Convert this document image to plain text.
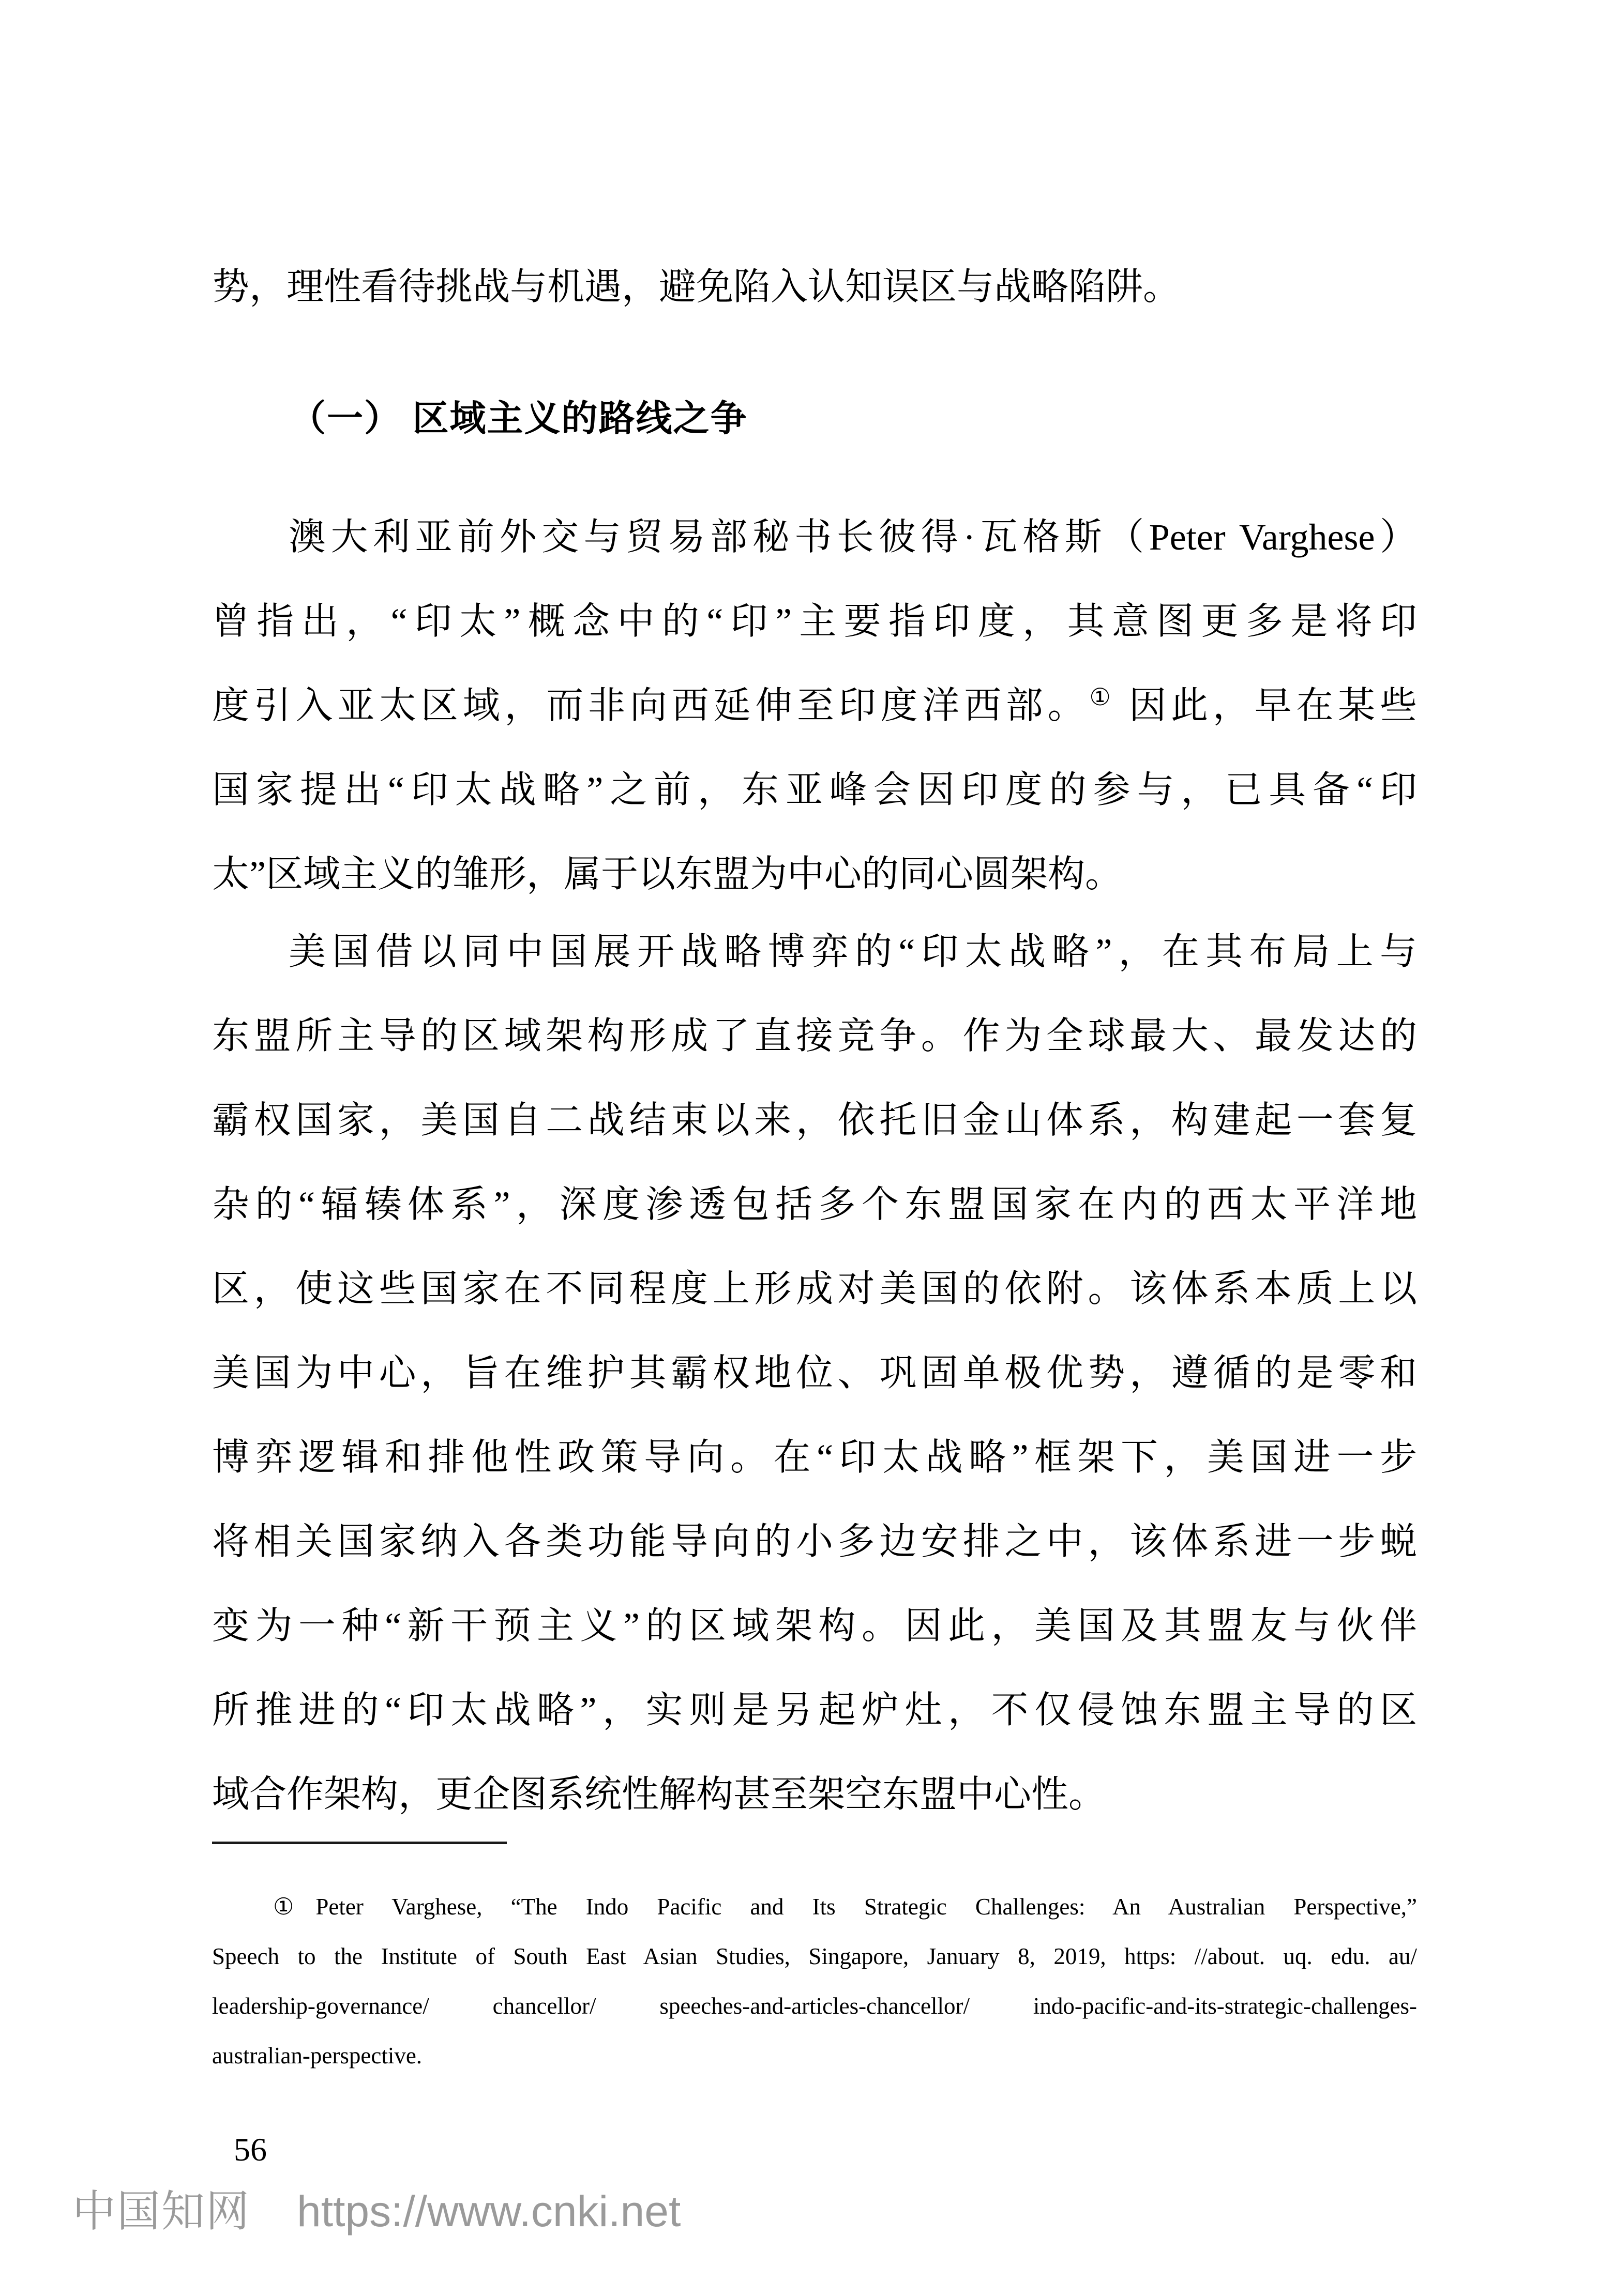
势，理性看待挑战与机遇，避免陷入认知误区与战略陷阱。
（一） 区域主义的路线之争
澳大利亚前外交与贸易部秘书长彼得·瓦格斯（Peter Varghese）
曾指出，“印太”概念中的“印”主要指印度，其意图更多是将印
度引入亚太区域，而非向西延伸至印度洋西部。① 因此，早在某些
国家提出“印太战略”之前，东亚峰会因印度的参与，已具备“印
太”区域主义的雏形，属于以东盟为中心的同心圆架构。
美国借以同中国展开战略博弈的“印太战略”，在其布局上与
东盟所主导的区域架构形成了直接竞争。作为全球最大、最发达的
霸权国家，美国自二战结束以来，依托旧金山体系，构建起一套复
杂的“辐辏体系”，深度渗透包括多个东盟国家在内的西太平洋地
区，使这些国家在不同程度上形成对美国的依附。该体系本质上以
美国为中心，旨在维护其霸权地位、巩固单极优势，遵循的是零和
博弈逻辑和排他性政策导向。在“印太战略”框架下，美国进一步
将相关国家纳入各类功能导向的小多边安排之中，该体系进一步蜕
变为一种“新干预主义”的区域架构。因此，美国及其盟友与伙伴
所推进的“印太战略”，实则是另起炉灶，不仅侵蚀东盟主导的区
域合作架构，更企图系统性解构甚至架空东盟中心性。
① Peter Varghese, “The Indo Pacific and Its Strategic Challenges: An Australian Perspective,”
Speech to the Institute of South East Asian Studies, Singapore, January 8, 2019, https: //about. uq. edu. au/
leadership-governance/ chancellor/ speeches-and-articles-chancellor/ indo-pacific-and-its-strategic-challenges-
australian-perspective.
56
中国知网 https://www.cnki.net
